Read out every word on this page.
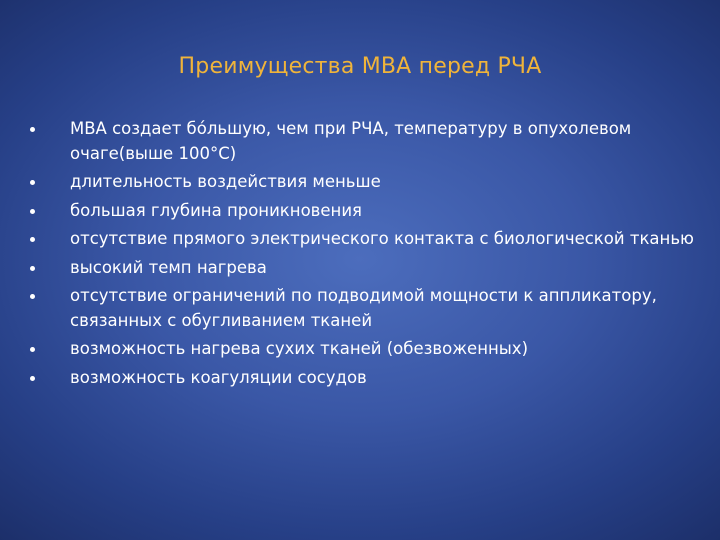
Преимущества МВА перед РЧА
МВА создает бóльшую, чем при РЧА, температуру в опухолевом очаге(выше 100°С)
длительность воздействия меньше
большая глубина проникновения
отсутствие прямого электрического контакта с биологической тканью
высокий темп нагрева
отсутствие ограничений по подводимой мощности к аппликатору, связанных с обугливанием тканей
возможность нагрева сухих тканей (обезвоженных)
возможность коагуляции сосудов
